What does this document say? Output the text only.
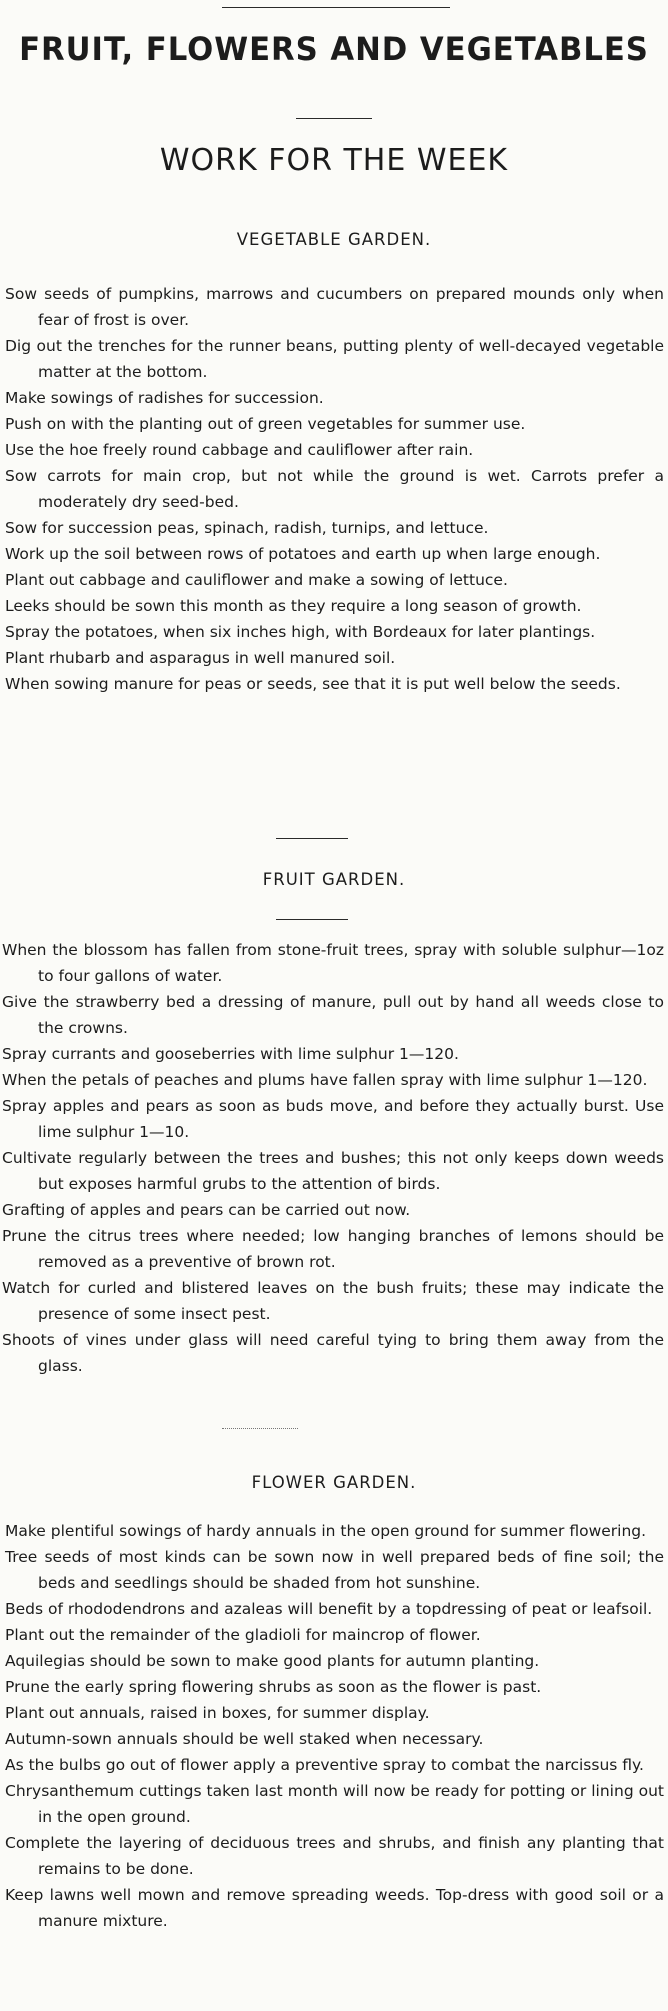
FRUIT, FLOWERS AND VEGETABLES
WORK FOR THE WEEK
VEGETABLE GARDEN.
Sow seeds of pumpkins, marrows and cucumbers on prepared mounds only when fear of frost is over.
Dig out the trenches for the runner beans, putting plenty of well-decayed vegetable matter at the bottom.
Make sowings of radishes for succession.
Push on with the planting out of green vegetables for summer use.
Use the hoe freely round cabbage and cauliflower after rain.
Sow carrots for main crop, but not while the ground is wet. Carrots prefer a moderately dry seed-bed.
Sow for succession peas, spinach, radish, turnips, and lettuce.
Work up the soil between rows of potatoes and earth up when large enough.
Plant out cabbage and cauliflower and make a sowing of lettuce.
Leeks should be sown this month as they require a long season of growth.
Spray the potatoes, when six inches high, with Bordeaux for later plantings.
Plant rhubarb and asparagus in well manured soil.
When sowing manure for peas or seeds, see that it is put well below the seeds.
FRUIT GARDEN.
When the blossom has fallen from stone-fruit trees, spray with soluble sulphur—1oz to four gallons of water.
Give the strawberry bed a dressing of manure, pull out by hand all weeds close to the crowns.
Spray currants and gooseberries with lime sulphur 1—120.
When the petals of peaches and plums have fallen spray with lime sulphur 1—120.
Spray apples and pears as soon as buds move, and before they actually burst. Use lime sulphur 1—10.
Cultivate regularly between the trees and bushes; this not only keeps down weeds but exposes harmful grubs to the attention of birds.
Grafting of apples and pears can be carried out now.
Prune the citrus trees where needed; low hanging branches of lemons should be removed as a preventive of brown rot.
Watch for curled and blistered leaves on the bush fruits; these may indicate the presence of some insect pest.
Shoots of vines under glass will need careful tying to bring them away from the glass.
FLOWER GARDEN.
Make plentiful sowings of hardy annuals in the open ground for summer flowering.
Tree seeds of most kinds can be sown now in well prepared beds of fine soil; the beds and seedlings should be shaded from hot sunshine.
Beds of rhododendrons and azaleas will benefit by a topdressing of peat or leafsoil.
Plant out the remainder of the gladioli for maincrop of flower.
Aquilegias should be sown to make good plants for autumn planting.
Prune the early spring flowering shrubs as soon as the flower is past.
Plant out annuals, raised in boxes, for summer display.
Autumn-sown annuals should be well staked when necessary.
As the bulbs go out of flower apply a preventive spray to combat the narcissus fly.
Chrysanthemum cuttings taken last month will now be ready for potting or lining out in the open ground.
Complete the layering of deciduous trees and shrubs, and finish any planting that remains to be done.
Keep lawns well mown and remove spreading weeds. Top-dress with good soil or a manure mixture.
